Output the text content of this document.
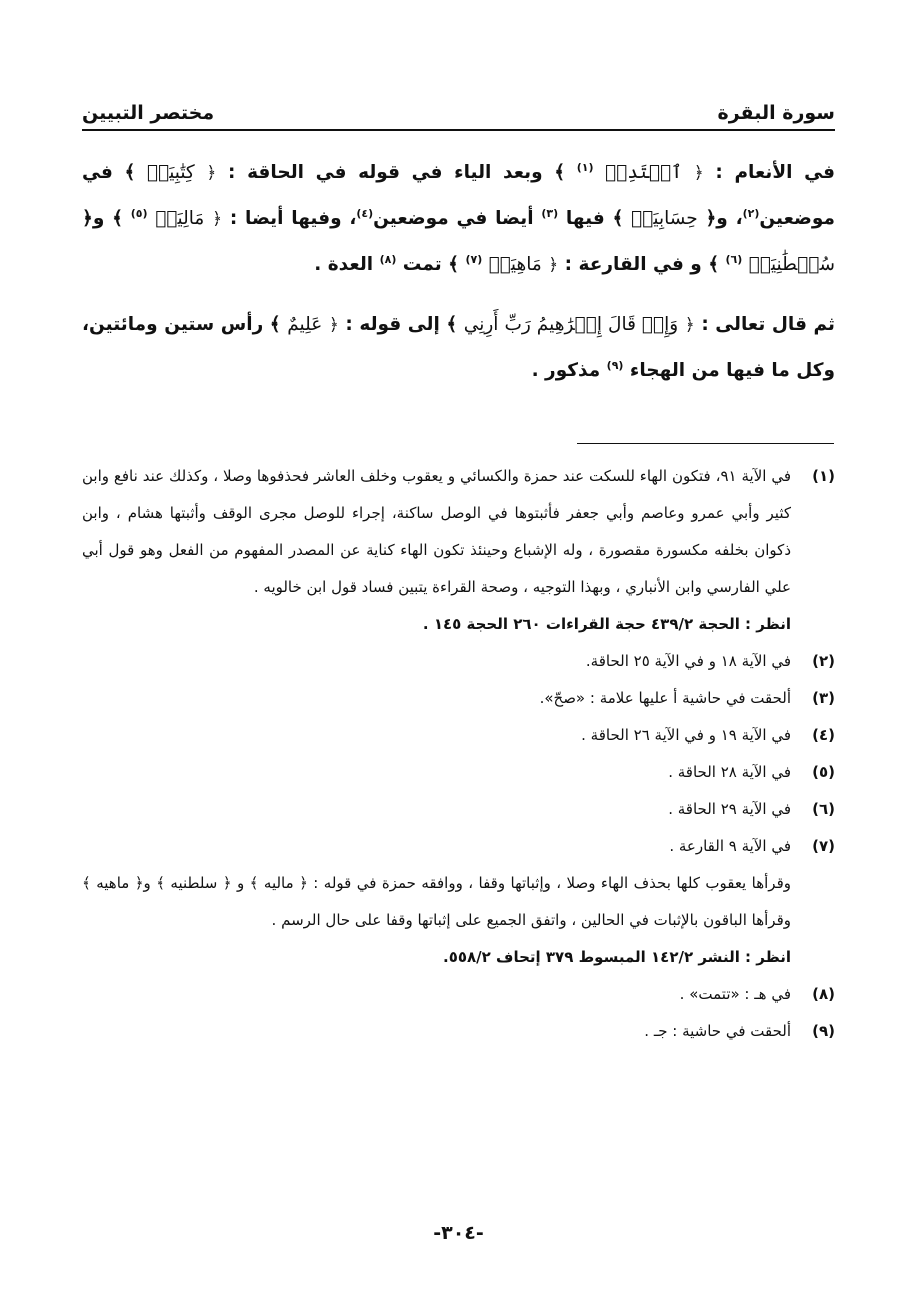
سورة البقرة
مختصر التبيين

في الأنعام : ﴿ ٱقۡتَدِهۡ $^{(١)}$ ﴾ وبعد الياء في قوله في الحاقة : ﴿ كِتَٰبِيَهۡ ﴾ في موضعين$^{(٢)}$، و﴿ حِسَابِيَهۡ ﴾ فيها $^{(٣)}$ أيضا في موضعين$^{(٤)}$، وفيها أيضا : ﴿ مَالِيَهۡ $^{(٥)}$ ﴾ و﴿ سُلۡطَٰنِيَهۡ $^{(٦)}$ ﴾ و في القارعة : ﴿ مَاهِيَهۡ $^{(٧)}$ ﴾ تمت $^{(٨)}$ العدة .

ثم قال تعالى : ﴿ وَإِذۡ قَالَ إِبۡرَٰهِيمُ رَبِّ أَرِنِي ﴾ إلى قوله : ﴿ عَلِيمٌ ﴾ رأس ستين ومائتين، وكل ما فيها من الهجاء $^{(٩)}$ مذكور .

(١)
في الآية ٩١، فتكون الهاء للسكت عند حمزة والكسائي و يعقوب وخلف العاشر فحذفوها وصلا ، وكذلك عند نافع وابن كثير وأبي عمرو وعاصم وأبي جعفر فأثبتوها في الوصل ساكنة، إجراء للوصل مجرى الوقف وأثبتها هشام ، وابن ذكوان بخلفه مكسورة مقصورة ، وله الإشباع وحينئذ تكون الهاء كناية عن المصدر المفهوم من الفعل وهو قول أبي علي الفارسي وابن الأنباري ، وبهذا التوجيه ، وصحة القراءة يتبين فساد قول ابن خالويه .
انظر : الحجة ٤٣٩/٢ حجة القراءات ٢٦٠ الحجة ١٤٥ .
(٢)
في الآية ١٨ و في الآية ٢٥ الحاقة.
(٣)
ألحقت في حاشية أ عليها علامة : «صحّ».
(٤)
في الآية ١٩ و في الآية ٢٦ الحاقة .
(٥)
في الآية ٢٨ الحاقة .
(٦)
في الآية ٢٩ الحاقة .
(٧)
في الآية ٩ القارعة .
وقرأها يعقوب كلها بحذف الهاء وصلا ، وإثباتها وقفا ، ووافقه حمزة في قوله : ﴿ ماليه ﴾ و ﴿ سلطنيه ﴾ و﴿ ماهيه ﴾ وقرأها الباقون بالإثبات في الحالين ، واتفق الجميع على إثباتها وقفا على حال الرسم .
انظر : النشر ١٤٢/٢ المبسوط ٣٧٩ إتحاف ٥٥٨/٢.
(٨)
في هـ : «تتمت» .
(٩)
ألحقت في حاشية : جـ .
-٣٠٤-
